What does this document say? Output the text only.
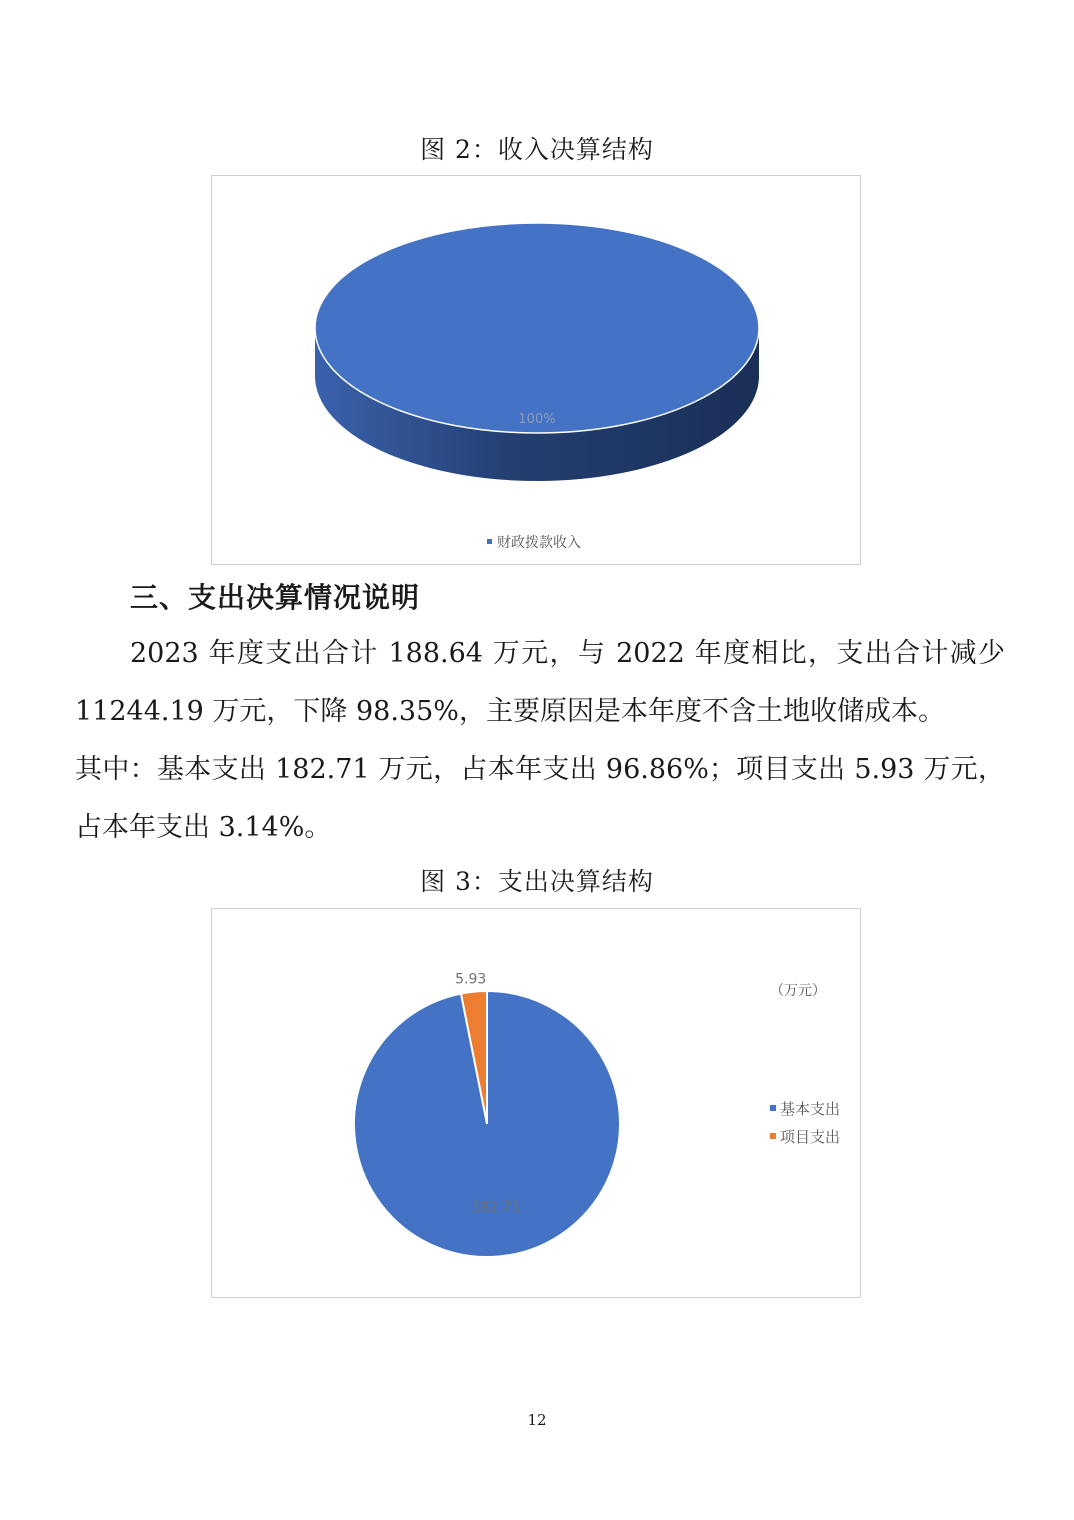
图 2：收入决算结构
100%
财政拨款收入
三、支出决算情况说明
2023 年度支出合计 188.64 万元，与 2022 年度相比，支出合计减少
11244.19 万元，下降 98.35%，主要原因是本年度不含土地收储成本。
其中：基本支出 182.71 万元，占本年支出 96.86%；项目支出 5.93 万元，
占本年支出 3.14%。
图 3：支出决算结构
5.93
182.71
（万元）
基本支出
项目支出
12
